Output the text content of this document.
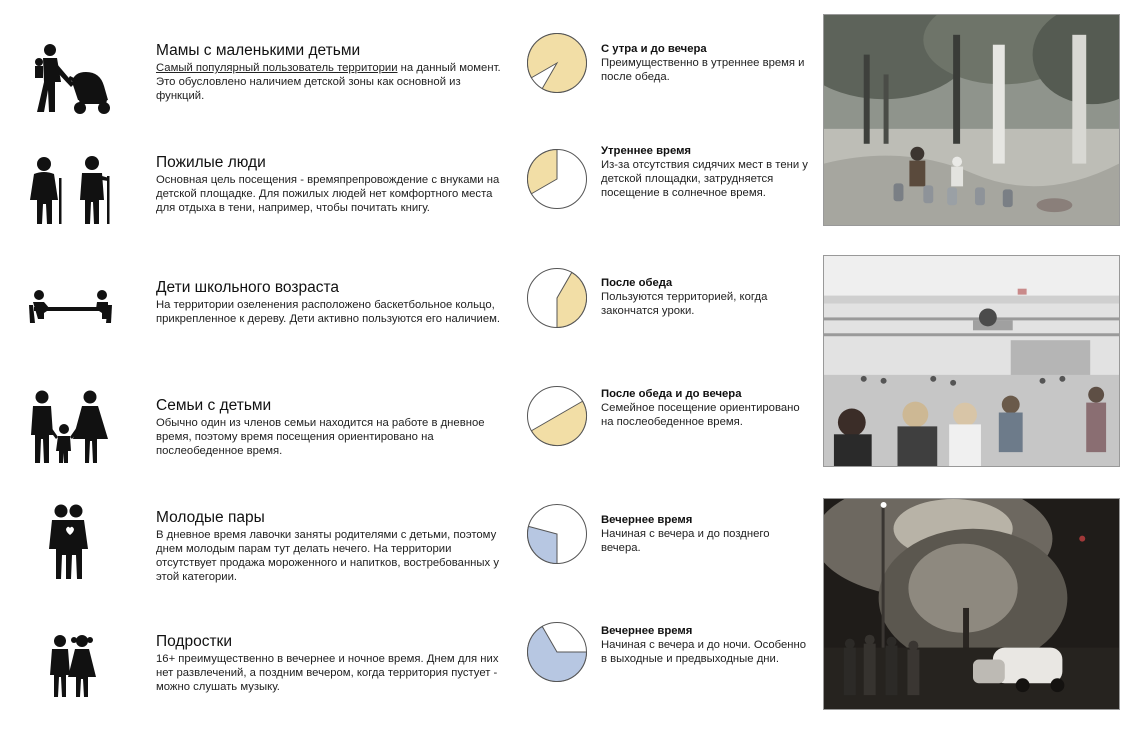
Мамы с маленькими детьми
Самый популярный пользователь территории на данный момент. Это обусловлено наличием детской зоны как основной из функций.
С утра и до вечера
Преимущественно в утреннее время и после обеда.
Пожилые люди
Основная цель посещения - времяпрепровождение с внуками на детской площадке. Для пожилых людей нет комфортного места для отдыха в тени, например, чтобы почитать книгу.
Утреннее время
Из-за отсутствия сидячих мест в тени у детской площадки, затрудняется посещение в солнечное время.
Дети школьного возраста
На территории озеленения расположено баскетбольное кольцо, прикрепленное к дереву. Дети активно пользуются его наличием.
После обеда
Пользуются территорией, когда закончатся уроки.
Семьи с детьми
Обычно один из членов семьи находится на работе в дневное время, поэтому время посещения ориентировано на послеобеденное время.
После обеда и до вечера
Семейное посещение ориентировано на послеобеденное время.
Молодые пары
В дневное время лавочки заняты родителями с детьми, поэтому днем молодым парам тут делать нечего. На территории отсутствует продажа мороженного и напитков, востребованных у этой категории.
Вечернее время
Начиная с вечера и до позднего вечера.
Подростки
16+ преимущественно в вечернее и ночное время. Днем для них нет развлечений, а поздним вечером, когда территория пустует - можно слушать музыку.
Вечернее время
Начиная с вечера и до ночи. Особенно в выходные и предвыходные дни.
